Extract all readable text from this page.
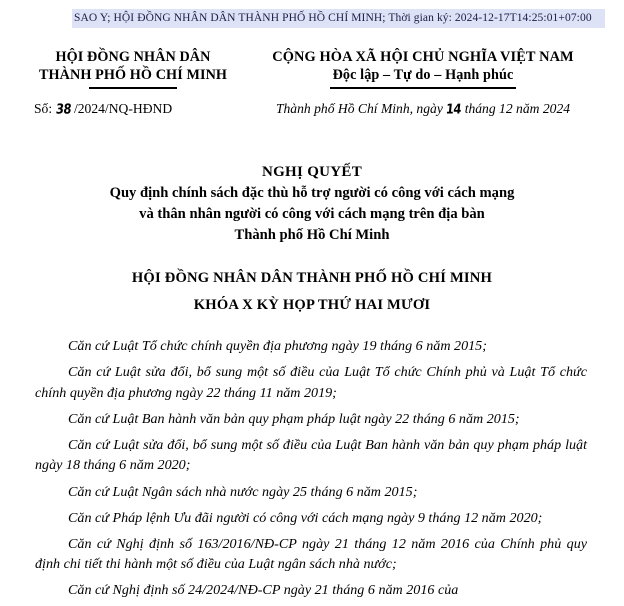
SAO Y; HỘI ĐỒNG NHÂN DÂN THÀNH PHỐ HỒ CHÍ MINH; Thời gian ký: 2024-12-17T14:25:01+07:00
HỘI ĐỒNG NHÂN DÂN
THÀNH PHỐ HỒ CHÍ MINH
Số: 38 /2024/NQ-HĐND
CỘNG HÒA XÃ HỘI CHỦ NGHĨA VIỆT NAM
Độc lập – Tự do – Hạnh phúc
Thành phố Hồ Chí Minh, ngày 14 tháng 12 năm 2024
NGHỊ QUYẾT
Quy định chính sách đặc thù hỗ trợ người có công với cách mạng
và thân nhân người có công với cách mạng trên địa bàn
Thành phố Hồ Chí Minh
HỘI ĐỒNG NHÂN DÂN THÀNH PHỐ HỒ CHÍ MINH
KHÓA X KỲ HỌP THỨ HAI MƯƠI

Căn cứ Luật Tổ chức chính quyền địa phương ngày 19 tháng 6 năm 2015;

Căn cứ Luật sửa đổi, bổ sung một số điều của Luật Tổ chức Chính phủ và Luật Tổ chức chính quyền địa phương ngày 22 tháng 11 năm 2019;

Căn cứ Luật Ban hành văn bản quy phạm pháp luật ngày 22 tháng 6 năm 2015;

Căn cứ Luật sửa đổi, bổ sung một số điều của Luật Ban hành văn bản quy phạm pháp luật ngày 18 tháng 6 năm 2020;

Căn cứ Luật Ngân sách nhà nước ngày 25 tháng 6 năm 2015;

Căn cứ Pháp lệnh Ưu đãi người có công với cách mạng ngày 9 tháng 12 năm 2020;

Căn cứ Nghị định số 163/2016/NĐ-CP ngày 21 tháng 12 năm 2016 của Chính phủ quy định chi tiết thi hành một số điều của Luật ngân sách nhà nước;

Căn cứ Nghị định số 24/2024/NĐ-CP ngày 21 tháng 6 năm 2016 của
